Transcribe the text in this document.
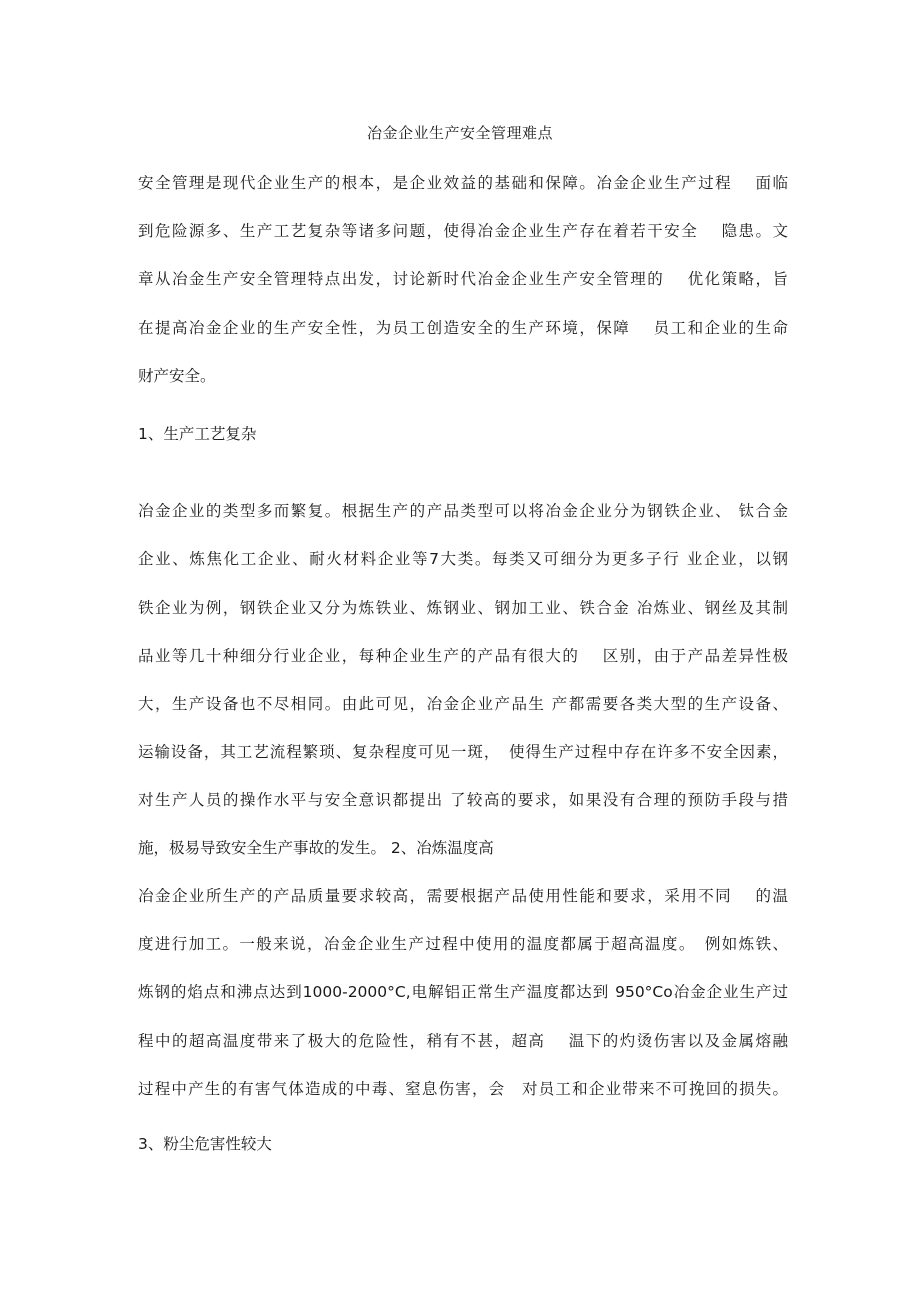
冶金企业生产安全管理难点
安全管理是现代企业生产的根本，是企业效益的基础和保障。冶金企业生产过程　 面临
到危险源多、生产工艺复杂等诸多问题，使得冶金企业生产存在着若干安全　 隐患。文
章从冶金生产安全管理特点出发，讨论新时代冶金企业生产安全管理的　 优化策略，旨
在提高冶金企业的生产安全性，为员工创造安全的生产环境，保障　 员工和企业的生命
财产安全。
1、生产工艺复杂
冶金企业的类型多而繁复。根据生产的产品类型可以将冶金企业分为钢铁企业、 钛合金
企业、炼焦化工企业、耐火材料企业等7大类。每类又可细分为更多子行 业企业，以钢
铁企业为例，钢铁企业又分为炼铁业、炼钢业、钢加工业、铁合金 冶炼业、钢丝及其制
品业等几十种细分行业企业，每种企业生产的产品有很大的　 区别，由于产品差异性极
大，生产设备也不尽相同。由此可见，冶金企业产品生 产都需要各类大型的生产设备、
运输设备，其工艺流程繁琐、复杂程度可见一斑，　使得生产过程中存在许多不安全因素，
对生产人员的操作水平与安全意识都提出 了较高的要求，如果没有合理的预防手段与措
施，极易导致安全生产事故的发生。 2、冶炼温度高
冶金企业所生产的产品质量要求较高，需要根据产品使用性能和要求，采用不同　 的温
度进行加工。一般来说，冶金企业生产过程中使用的温度都属于超高温度。　例如炼铁、
炼钢的焰点和沸点达到1000-2000°C,电解铝正常生产温度都达到 950°Co冶金企业生产过
程中的超高温度带来了极大的危险性，稍有不甚，超高　 温下的灼烫伤害以及金属熔融
过程中产生的有害气体造成的中毒、窒息伤害，会　对员工和企业带来不可挽回的损失。
3、粉尘危害性较大
